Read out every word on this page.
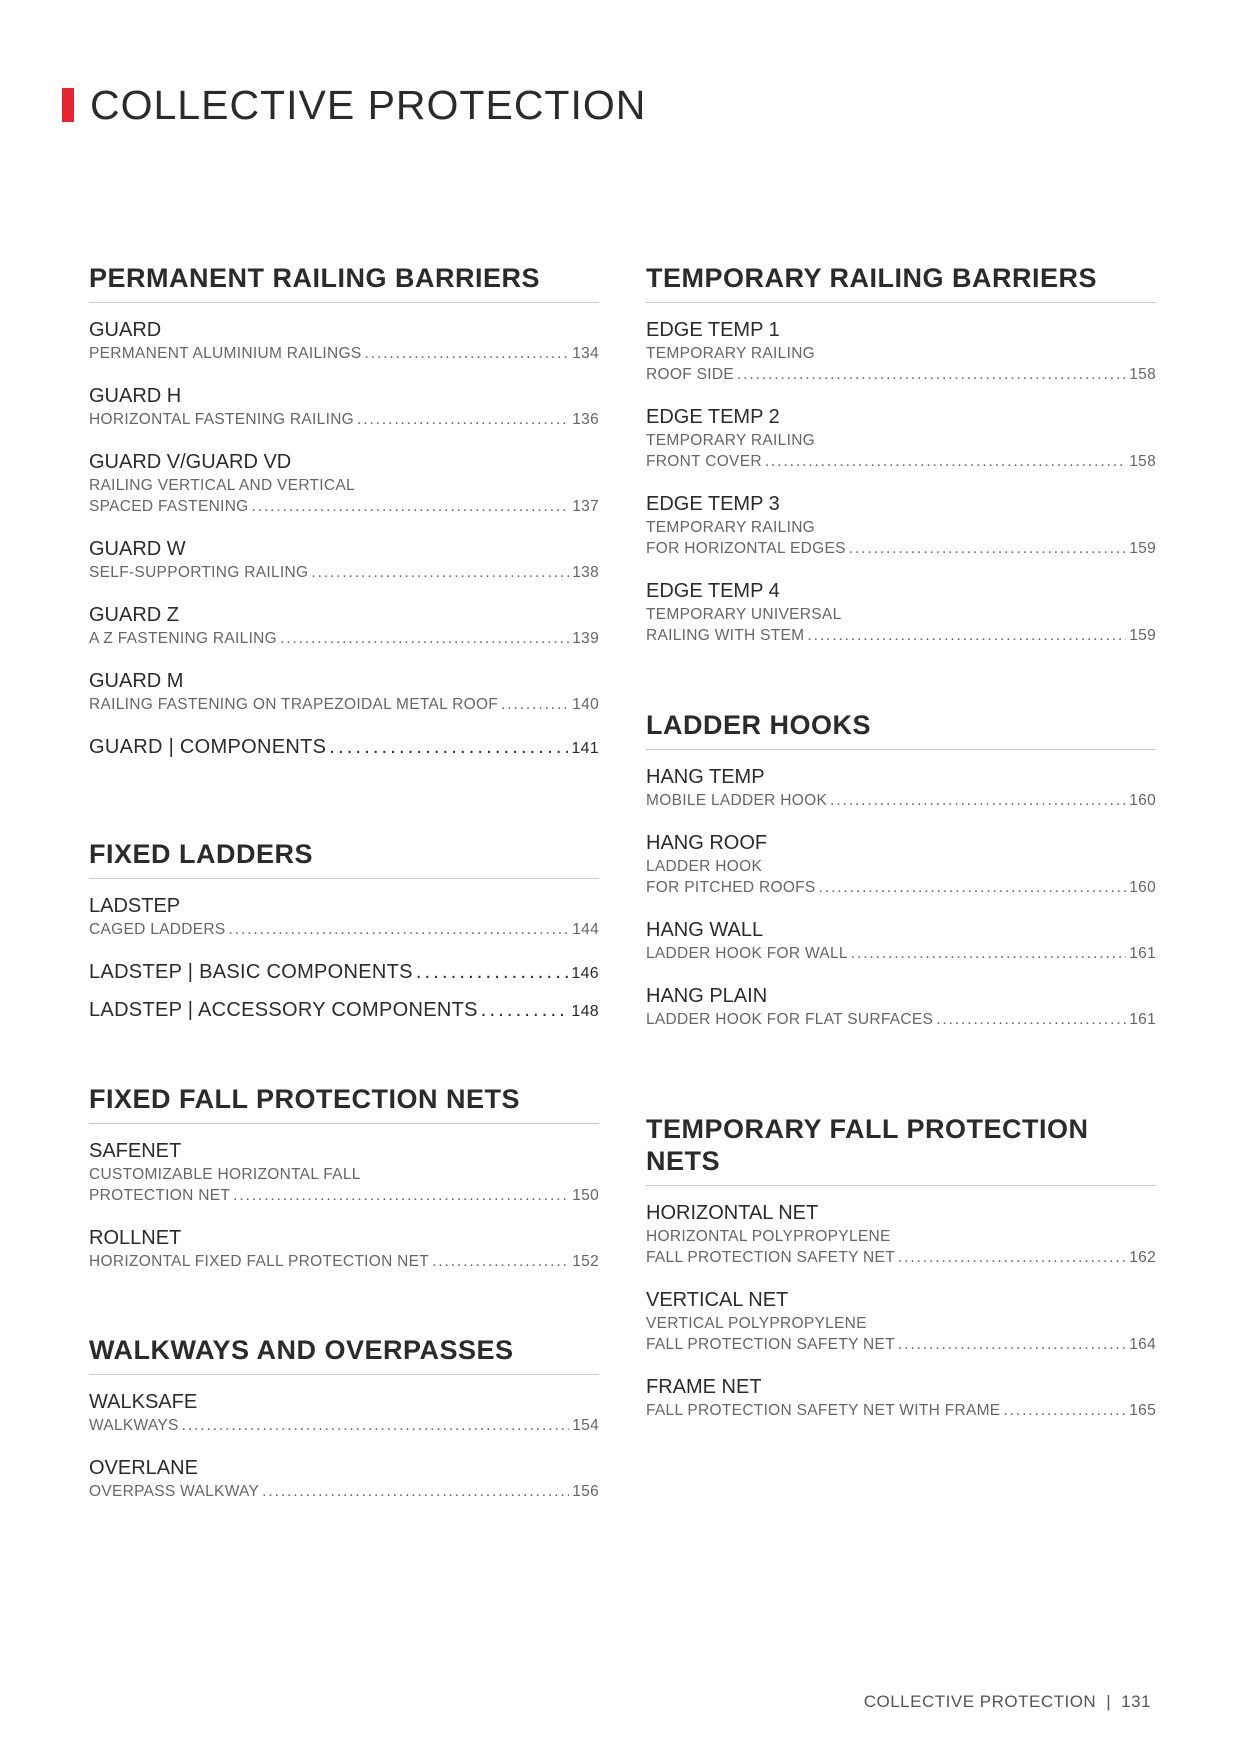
COLLECTIVE PROTECTION
PERMANENT RAILING BARRIERS
GUARD
PERMANENT ALUMINIUM RAILINGS . . .	134
GUARD H
HORIZONTAL FASTENING RAILING . . .	136
GUARD V/GUARD VD
RAILING VERTICAL AND VERTICAL
SPACED FASTENING . . .	137
GUARD W
SELF-SUPPORTING RAILING . . .	138
GUARD Z
A Z FASTENING RAILING . . .	139
GUARD M
RAILING FASTENING ON TRAPEZOIDAL METAL ROOF . . .	140
GUARD | COMPONENTS . . .	141
FIXED LADDERS
LADSTEP
CAGED LADDERS . . .	144
LADSTEP | BASIC COMPONENTS . . .	146
LADSTEP | ACCESSORY COMPONENTS . . .	148
FIXED FALL PROTECTION NETS
SAFENET
CUSTOMIZABLE HORIZONTAL FALL
PROTECTION NET . . .	150
ROLLNET
HORIZONTAL FIXED FALL PROTECTION NET . . .	152
WALKWAYS AND OVERPASSES
WALKSAFE
WALKWAYS . . .	154
OVERLANE
OVERPASS WALKWAY . . .	156
TEMPORARY RAILING BARRIERS
EDGE TEMP 1
TEMPORARY RAILING
ROOF SIDE . . .	158
EDGE TEMP 2
TEMPORARY RAILING
FRONT COVER . . .	158
EDGE TEMP 3
TEMPORARY RAILING
FOR HORIZONTAL EDGES . . .	159
EDGE TEMP 4
TEMPORARY UNIVERSAL
RAILING WITH STEM . . .	159
LADDER HOOKS
HANG TEMP
MOBILE LADDER HOOK . . .	160
HANG ROOF
LADDER HOOK
FOR PITCHED ROOFS . . .	160
HANG WALL
LADDER HOOK FOR WALL . . .	161
HANG PLAIN
LADDER HOOK FOR FLAT SURFACES . . .	161
TEMPORARY FALL PROTECTION NETS
HORIZONTAL NET
HORIZONTAL POLYPROPYLENE
FALL PROTECTION SAFETY NET . . .	162
VERTICAL NET
VERTICAL POLYPROPYLENE
FALL PROTECTION SAFETY NET . . .	164
FRAME NET
FALL PROTECTION SAFETY NET WITH FRAME . . .	165
COLLECTIVE PROTECTION | 131
